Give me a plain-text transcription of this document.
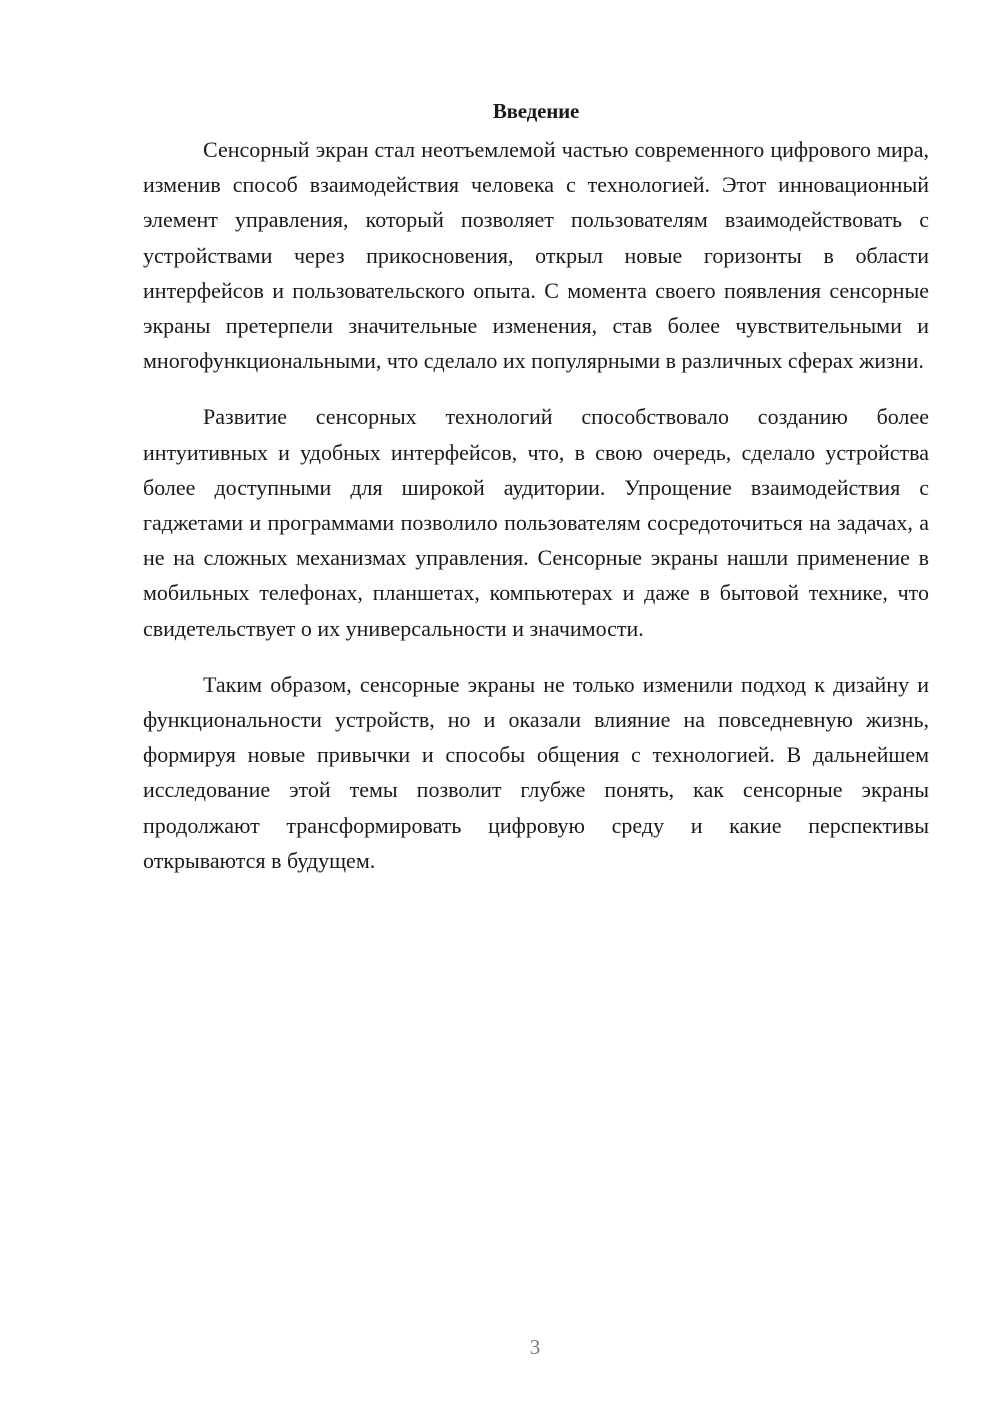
Введение

Сенсорный экран стал неотъемлемой частью современного цифрового мира, изменив способ взаимодействия человека с технологией. Этот инновационный элемент управления, который позволяет пользователям взаимодействовать с устройствами через прикосновения, открыл новые горизонты в области интерфейсов и пользовательского опыта. С момента своего появления сенсорные экраны претерпели значительные изменения, став более чувствительными и многофункциональными, что сделало их популярными в различных сферах жизни.

Развитие сенсорных технологий способствовало созданию более интуитивных и удобных интерфейсов, что, в свою очередь, сделало устройства более доступными для широкой аудитории. Упрощение взаимодействия с гаджетами и программами позволило пользователям сосредоточиться на задачах, а не на сложных механизмах управления. Сенсорные экраны нашли применение в мобильных телефонах, планшетах, компьютерах и даже в бытовой технике, что свидетельствует о их универсальности и значимости.

Таким образом, сенсорные экраны не только изменили подход к дизайну и функциональности устройств, но и оказали влияние на повседневную жизнь, формируя новые привычки и способы общения с технологией. В дальнейшем исследование этой темы позволит глубже понять, как сенсорные экраны продолжают трансформировать цифровую среду и какие перспективы открываются в будущем.

3
